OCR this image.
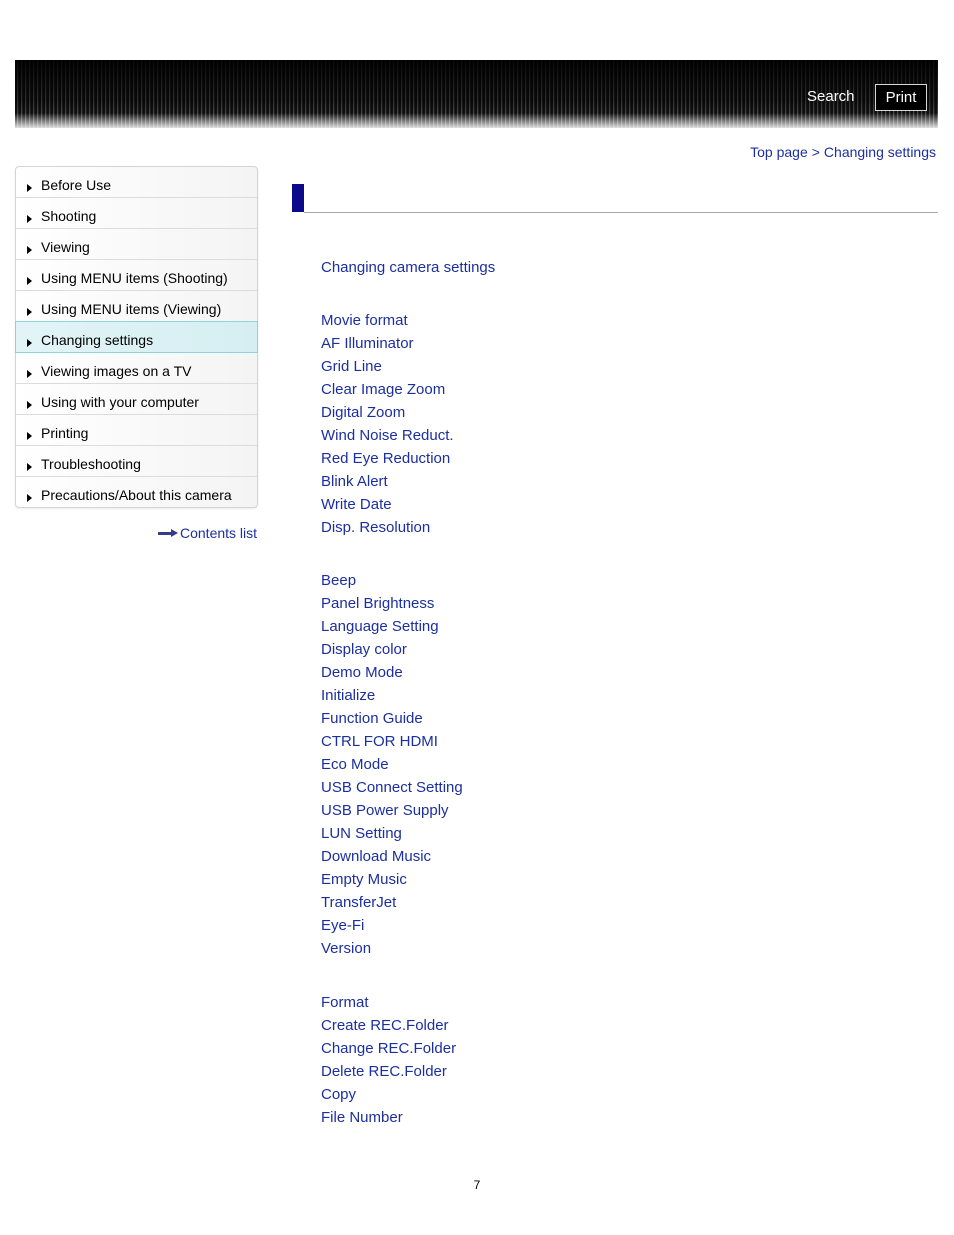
Search	Print
Top page > Changing settings
Before Use
Shooting
Viewing
Using MENU items (Shooting)
Using MENU items (Viewing)
Changing settings
Viewing images on a TV
Using with your computer
Printing
Troubleshooting
Precautions/About this camera
Contents list
Changing camera settings
Movie format
AF Illuminator
Grid Line
Clear Image Zoom
Digital Zoom
Wind Noise Reduct.
Red Eye Reduction
Blink Alert
Write Date
Disp. Resolution
Beep
Panel Brightness
Language Setting
Display color
Demo Mode
Initialize
Function Guide
CTRL FOR HDMI
Eco Mode
USB Connect Setting
USB Power Supply
LUN Setting
Download Music
Empty Music
TransferJet
Eye-Fi
Version
Format
Create REC.Folder
Change REC.Folder
Delete REC.Folder
Copy
File Number
7
